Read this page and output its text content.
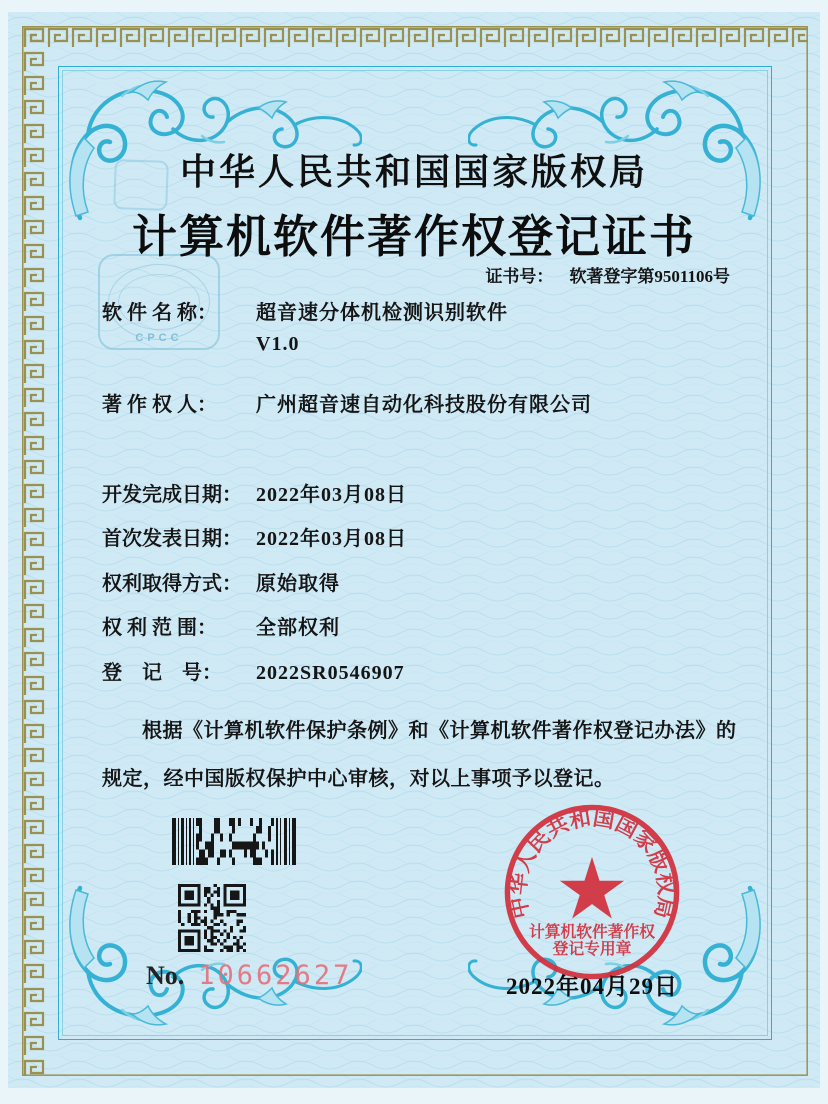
CPCC
中华人民共和国国家版权局
计算机软件著作权登记证书
证书号： 软著登字第9501106号
软 件 名 称： 超音速分体机检测识别软件
V1.0
著 作 权 人： 广州超音速自动化科技股份有限公司
开发完成日期： 2022年03月08日
首次发表日期： 2022年03月08日
权利取得方式： 原始取得
权 利 范 围： 全部权利
登　记　号： 2022SR0546907
根据《计算机软件保护条例》和《计算机软件著作权登记办法》的
规定，经中国版权保护中心审核，对以上事项予以登记。
No. 10662627
中华人民共和国国家版权局
计算机软件著作权
登记专用章
2022年04月29日
